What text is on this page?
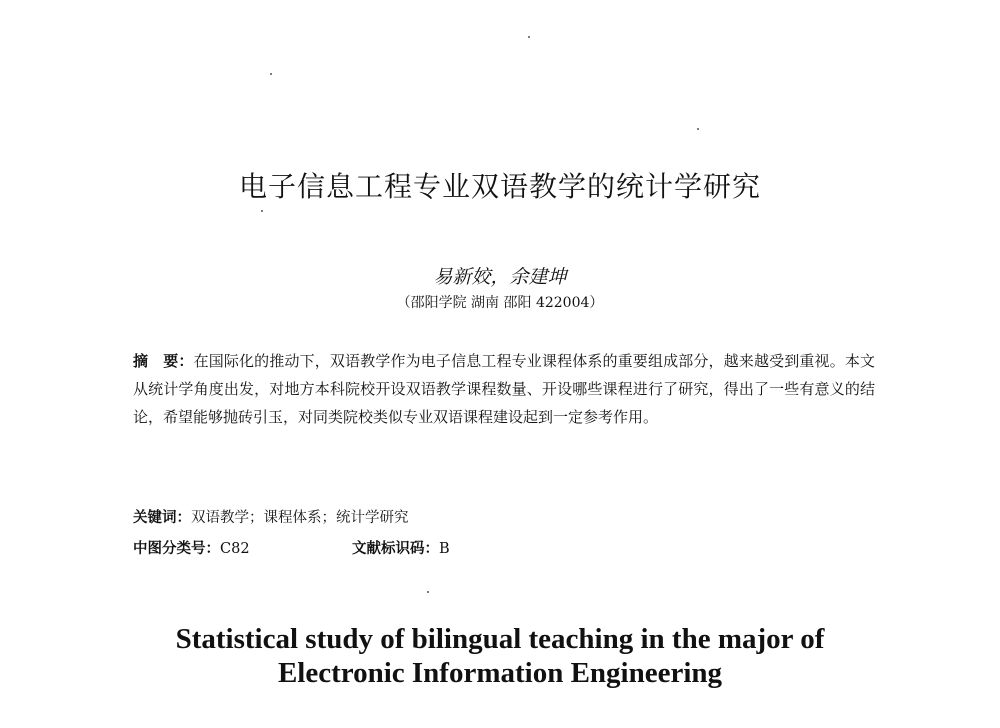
电子信息工程专业双语教学的统计学研究
易新姣，余建坤
（邵阳学院 湖南 邵阳 422004）
摘　要：在国际化的推动下，双语教学作为电子信息工程专业课程体系的重要组成部分，越来越受到重视。本文从统计学角度出发，对地方本科院校开设双语教学课程数量、开设哪些课程进行了研究，得出了一些有意义的结论，希望能够抛砖引玉，对同类院校类似专业双语课程建设起到一定参考作用。
关键词：双语教学；课程体系；统计学研究
中图分类号：C82	文献标识码：B
Statistical study of bilingual teaching in the major of
Electronic Information Engineering
